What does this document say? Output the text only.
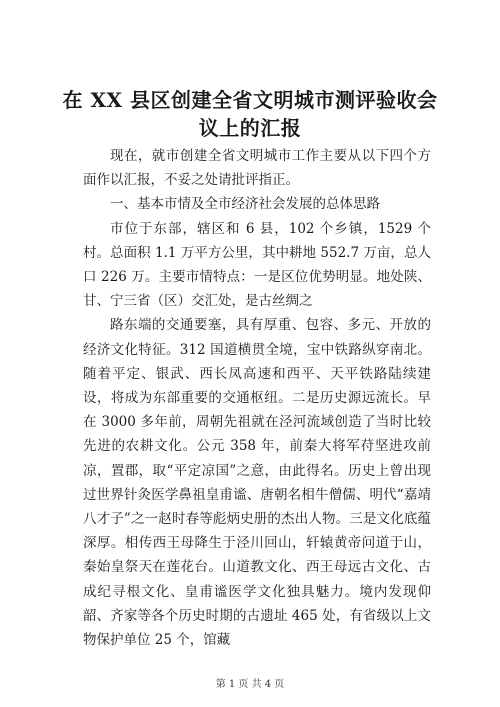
在 XX 县区创建全省文明城市测评验收会议上的汇报

现在，就市创建全省文明城市工作主要从以下四个方面作以汇报，不妥之处请批评指正。

一、基本市情及全市经济社会发展的总体思路

市位于东部，辖区和 6 县，102 个乡镇，1529 个村。总面积 1.1 万平方公里，其中耕地 552.7 万亩，总人口 226 万。主要市情特点：一是区位优势明显。地处陕、甘、宁三省（区）交汇处，是古丝绸之

路东端的交通要塞，具有厚重、包容、多元、开放的经济文化特征。312 国道横贯全境，宝中铁路纵穿南北。随着平定、银武、西长凤高速和西平、天平铁路陆续建设，将成为东部重要的交通枢纽。二是历史源远流长。早在 3000 多年前，周朝先祖就在泾河流域创造了当时比较先进的农耕文化。公元 358 年，前秦大将军苻坚进攻前凉，置郡，取“平定凉国”之意，由此得名。历史上曾出现过世界针灸医学鼻祖皇甫谧、唐朝名相牛僧儒、明代“嘉靖八才子”之一赵时春等彪炳史册的杰出人物。三是文化底蕴深厚。相传西王母降生于泾川回山，轩辕黄帝问道于山，秦始皇祭天在莲花台。山道教文化、西王母远古文化、古成纪寻根文化、皇甫谧医学文化独具魅力。境内发现仰韶、齐家等各个历史时期的古遗址 465 处，有省级以上文物保护单位 25 个，馆藏

第 1 页 共 4 页
